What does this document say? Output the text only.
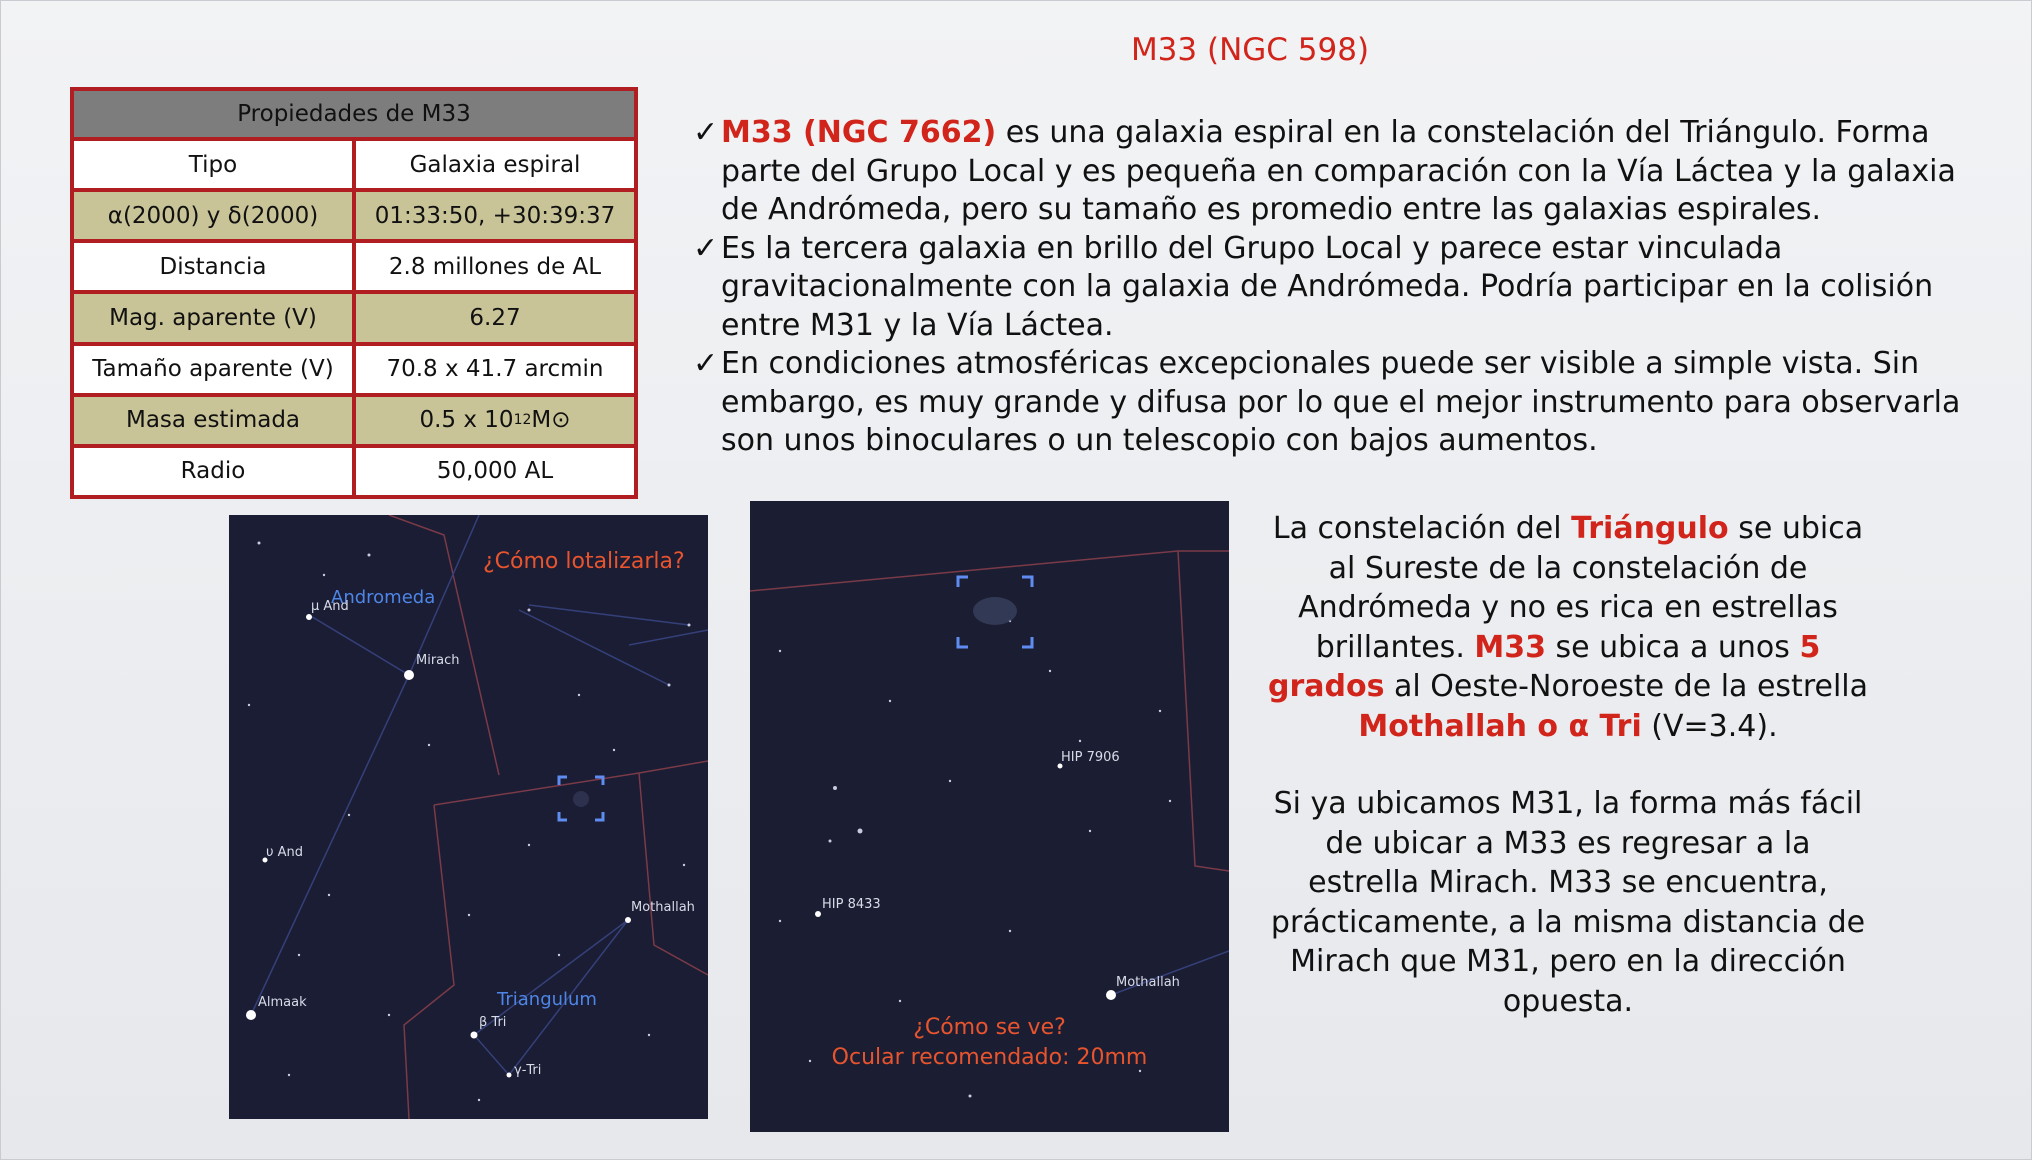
M33 (NGC 598)
Propiedades de M33
Tipo	Galaxia espiral
α(2000) y δ(2000)	01:33:50, +30:39:37
Distancia	2.8 millones de AL
Mag. aparente (V)	6.27
Tamaño aparente (V)	70.8 x 41.7 arcmin
Masa estimada	0.5 x 10 12 M⊙
Radio	50,000 AL

✓ M33 (NGC 7662) es una galaxia espiral en la constelación del Triángulo. Forma parte del Grupo Local y es pequeña en comparación con la Vía Láctea y la galaxia de Andrómeda, pero su tamaño es promedio entre las galaxias espirales.

✓ Es la tercera galaxia en brillo del Grupo Local y parece estar vinculada gravitacionalmente con la galaxia de Andrómeda. Podría participar en la colisión entre M31 y la Vía Láctea.

✓ En condiciones atmosféricas excepcionales puede ser visible a simple vista. Sin embargo, es muy grande y difusa por lo que el mejor instrumento para observarla son unos binoculares o un telescopio con bajos aumentos.

¿Cómo lotalizarla?
Andromeda
μ And
Mirach
υ And
Almaak
Mothallah
Triangulum
β Tri
γ-Tri
HIP 7906
HIP 8433
Mothallah
¿Cómo se ve?
Ocular recomendado: 20mm
La constelación del Triángulo se ubica al Sureste de la constelación de Andrómeda y no es rica en estrellas brillantes. M33 se ubica a unos 5 grados al Oeste-Noroeste de la estrella Mothallah o α Tri (V=3.4).
Si ya ubicamos M31, la forma más fácil de ubicar a M33 es regresar a la estrella Mirach. M33 se encuentra, prácticamente, a la misma distancia de Mirach que M31, pero en la dirección opuesta.
